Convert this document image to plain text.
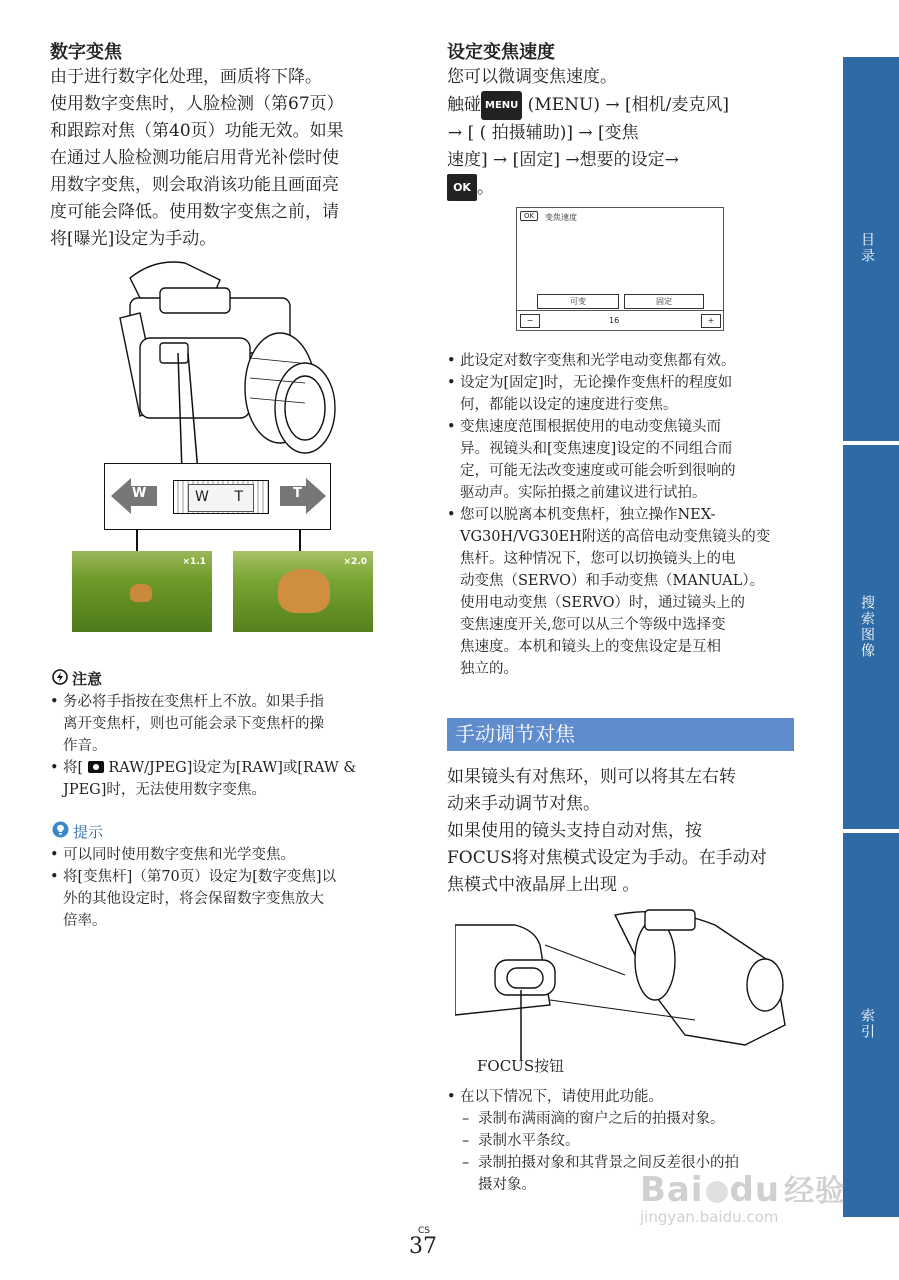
数字变焦
由于进行数字化处理，画质将下降。
使用数字变焦时，人脸检测（第67页）
和跟踪对焦（第40页）功能无效。如果
在通过人脸检测功能启用背光补偿时使
用数字变焦，则会取消该功能且画面亮
度可能会降低。使用数字变焦之前，请
将[曝光]设定为手动。
W	W T	T
×1.1	×2.0
注意
• 务必将手指按在变焦杆上不放。如果手指
离开变焦杆，则也可能会录下变焦杆的操
作音。
• 将[
RAW/JPEG]设定为[RAW]或[RAW &
JPEG]时，无法使用数字变焦。
提示
• 可以同时使用数字变焦和光学变焦。
• 将[变焦杆]（第70页）设定为[数字变焦]以
外的其他设定时，将会保留数字变焦放大
倍率。
设定变焦速度
您可以微调变焦速度。
触碰 MENU (MENU) → [相机/麦克风]
→ [ ( 拍摄辅助)] → [变焦
速度] → [固定] →想要的设定→
OK 。
OK	变焦速度
可变	固定
−	16	+
• 此设定对数字变焦和光学电动变焦都有效。
• 设定为[固定]时，无论操作变焦杆的程度如
何，都能以设定的速度进行变焦。
• 变焦速度范围根据使用的电动变焦镜头而
异。视镜头和[变焦速度]设定的不同组合而
定，可能无法改变速度或可能会听到很响的
驱动声。实际拍摄之前建议进行试拍。
• 您可以脱离本机变焦杆，独立操作NEX-
VG30H/VG30EH附送的高倍电动变焦镜头的变
焦杆。这种情况下，您可以切换镜头上的电
动变焦（SERVO）和手动变焦（MANUAL）。
使用电动变焦（SERVO）时，通过镜头上的
变焦速度开关,您可以从三个等级中选择变
焦速度。本机和镜头上的变焦设定是互相
独立的。
手动调节对焦
如果镜头有对焦环，则可以将其左右转
动来手动调节对焦。
如果使用的镜头支持自动对焦，按
FOCUS将对焦模式设定为手动。在手动对
焦模式中液晶屏上出现 。
FOCUS按钮
• 在以下情况下，请使用此功能。
– 录制布满雨滴的窗户之后的拍摄对象。
– 录制水平条纹。
– 录制拍摄对象和其背景之间反差很小的拍
摄对象。
目录
搜索图像
索引
CS
37
Bai du 经验
jingyan.baidu.com
